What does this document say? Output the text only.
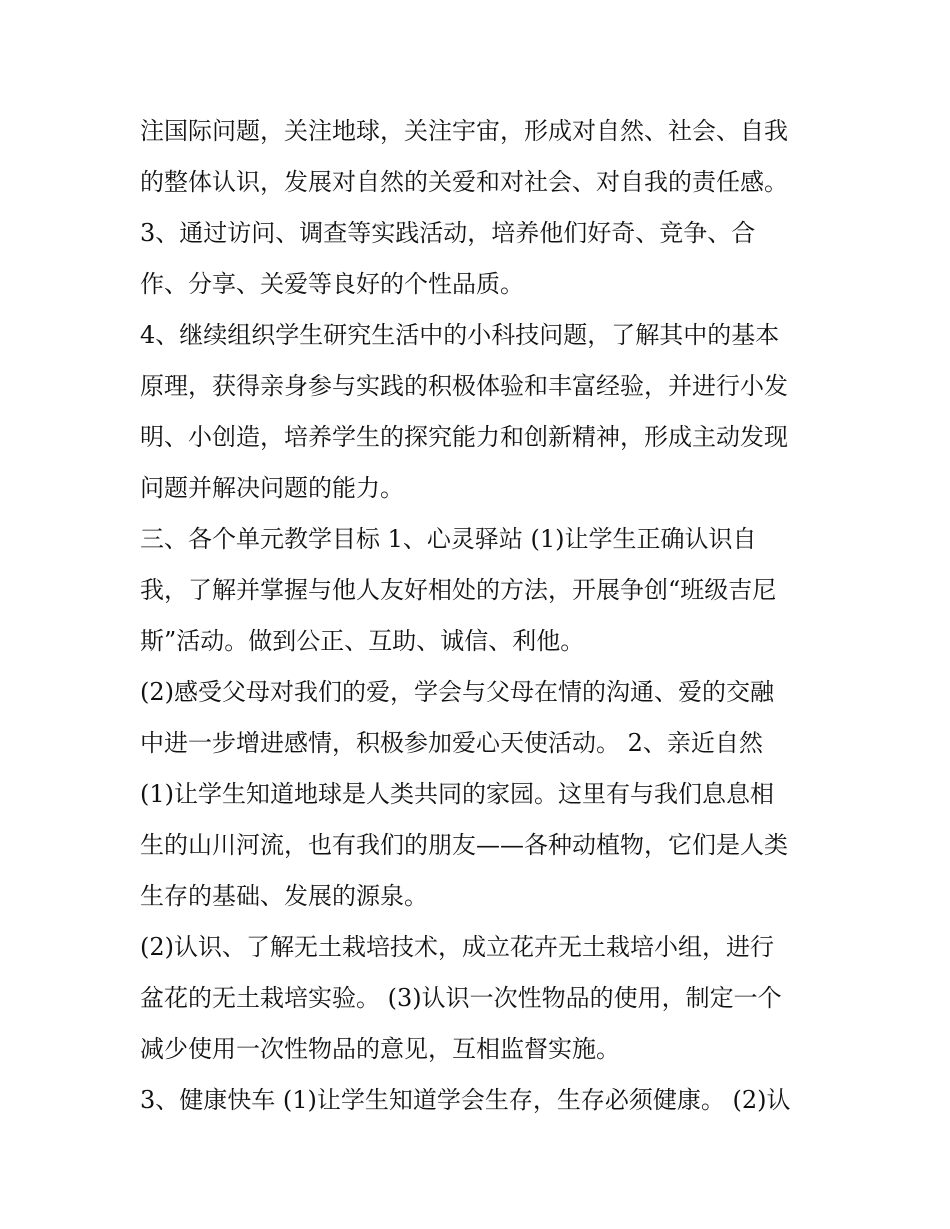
注国际问题，关注地球，关注宇宙，形成对自然、社会、自我

的整体认识，发展对自然的关爱和对社会、对自我的责任感。

3、通过访问、调查等实践活动，培养他们好奇、竞争、合

作、分享、关爱等良好的个性品质。

4、继续组织学生研究生活中的小科技问题，了解其中的基本

原理，获得亲身参与实践的积极体验和丰富经验，并进行小发

明、小创造，培养学生的探究能力和创新精神，形成主动发现

问题并解决问题的能力。

三、各个单元教学目标 1、心灵驿站 (1)让学生正确认识自

我，了解并掌握与他人友好相处的方法，开展争创“班级吉尼

斯”活动。做到公正、互助、诚信、利他。

(2)感受父母对我们的爱，学会与父母在情的沟通、爱的交融

中进一步增进感情，积极参加爱心天使活动。 2、亲近自然

(1)让学生知道地球是人类共同的家园。这里有与我们息息相

生的山川河流，也有我们的朋友——各种动植物，它们是人类

生存的基础、发展的源泉。

(2)认识、了解无土栽培技术，成立花卉无土栽培小组，进行

盆花的无土栽培实验。 (3)认识一次性物品的使用，制定一个

减少使用一次性物品的意见，互相监督实施。

3、健康快车 (1)让学生知道学会生存，生存必须健康。 (2)认
